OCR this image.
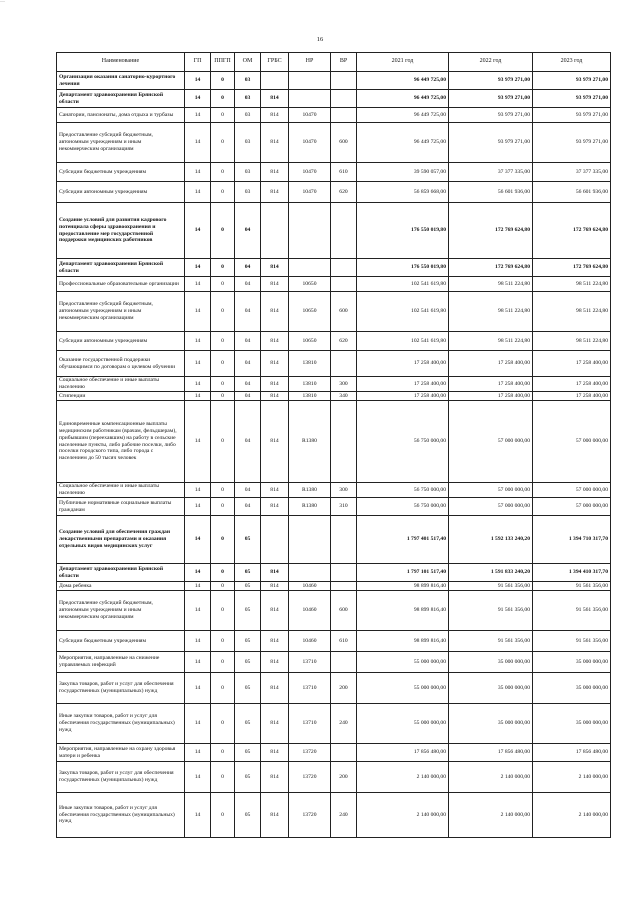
—
16
Наименование	ГП	ППГП	ОМ	ГРБС	НР	ВР	2021 год	2022 год	2023 год
Организация оказания санаторно-курортного лечения	14	0	03				96 449 725,00	93 979 271,00	93 979 271,00
Департамент здравоохранения Брянской области	14	0	03	814			96 449 725,00	93 979 271,00	93 979 271,00
Санатории, пансионаты, дома отдыха и турбазы	14	0	03	814	10470		96 449 725,00	93 979 271,00	93 979 271,00
Предоставление субсидий бюджетным, автономным учреждениям и иным некоммерческим организациям	14	0	03	814	10470	600	96 449 725,00	93 979 271,00	93 979 271,00
Субсидии бюджетным учреждениям	14	0	03	814	10470	610	39 590 057,00	37 377 335,00	37 377 335,00
Субсидии автономным учреждениям	14	0	03	814	10470	620	56 859 668,00	56 601 936,00	56 601 936,00
Создание условий для развития кадрового потенциала сферы здравоохранения и предоставление мер государственной поддержки медицинских работников	14	0	04				176 550 019,80	172 769 624,80	172 769 624,80
Департамент здравоохранения Брянской области	14	0	04	814			176 550 019,80	172 769 624,80	172 769 624,80
Профессиональные образовательные организации	14	0	04	814	10650		102 541 619,80	98 511 224,80	98 511 224,80
Предоставление субсидий бюджетным, автономным учреждениям и иным некоммерческим организациям	14	0	04	814	10650	600	102 541 619,80	98 511 224,80	98 511 224,80
Субсидии автономным учреждениям	14	0	04	814	10650	620	102 541 619,80	98 511 224,80	98 511 224,80
Оказание государственной поддержки обучающимся по договорам о целевом обучении	14	0	04	814	13810		17 258 400,00	17 258 400,00	17 258 400,00
Социальное обеспечение и иные выплаты населению	14	0	04	814	13810	300	17 258 400,00	17 258 400,00	17 258 400,00
Стипендии	14	0	04	814	13810	340	17 258 400,00	17 258 400,00	17 258 400,00
Единовременные компенсационные выплаты медицинским работникам (врачам, фельдшерам), прибывшим (переехавшим) на работу в сельские населенные пункты, либо рабочие поселки, либо поселки городского типа, либо города с населением до 50 тысяч человек	14	0	04	814	R1380		56 750 000,00	57 000 000,00	57 000 000,00
Социальное обеспечение и иные выплаты населению	14	0	04	814	R1380	300	56 750 000,00	57 000 000,00	57 000 000,00
Публичные нормативные социальные выплаты гражданам	14	0	04	814	R1380	310	56 750 000,00	57 000 000,00	57 000 000,00
Создание условий для обеспечения граждан лекарственными препаратами и оказания отдельных видов медицинских услуг	14	0	05				1 797 401 517,40	1 592 133 240,20	1 394 710 317,70
Департамент здравоохранения Брянской области	14	0	05	814			1 797 101 517,40	1 591 833 240,20	1 394 410 317,70
Дома ребенка	14	0	05	814	10460		98 899 816,40	91 561 356,00	91 561 356,00
Предоставление субсидий бюджетным, автономным учреждениям и иным некоммерческим организациям	14	0	05	814	10460	600	98 899 816,40	91 561 356,00	91 561 356,00
Субсидии бюджетным учреждениям	14	0	05	814	10460	610	98 899 816,40	91 561 356,00	91 561 356,00
Мероприятия, направленные на снижение управляемых инфекций	14	0	05	814	13710		55 000 000,00	35 000 000,00	35 000 000,00
Закупка товаров, работ и услуг для обеспечения государственных (муниципальных) нужд	14	0	05	814	13710	200	55 000 000,00	35 000 000,00	35 000 000,00
Иные закупки товаров, работ и услуг для обеспечения государственных (муниципальных) нужд	14	0	05	814	13710	240	55 000 000,00	35 000 000,00	35 000 000,00
Мероприятия, направленные на охрану здоровья матери и ребенка	14	0	05	814	13720		17 856 480,00	17 856 480,00	17 856 480,00
Закупка товаров, работ и услуг для обеспечения государственных (муниципальных) нужд	14	0	05	814	13720	200	2 140 000,00	2 140 000,00	2 140 000,00
Иные закупки товаров, работ и услуг для обеспечения государственных (муниципальных) нужд	14	0	05	814	13720	240	2 140 000,00	2 140 000,00	2 140 000,00
